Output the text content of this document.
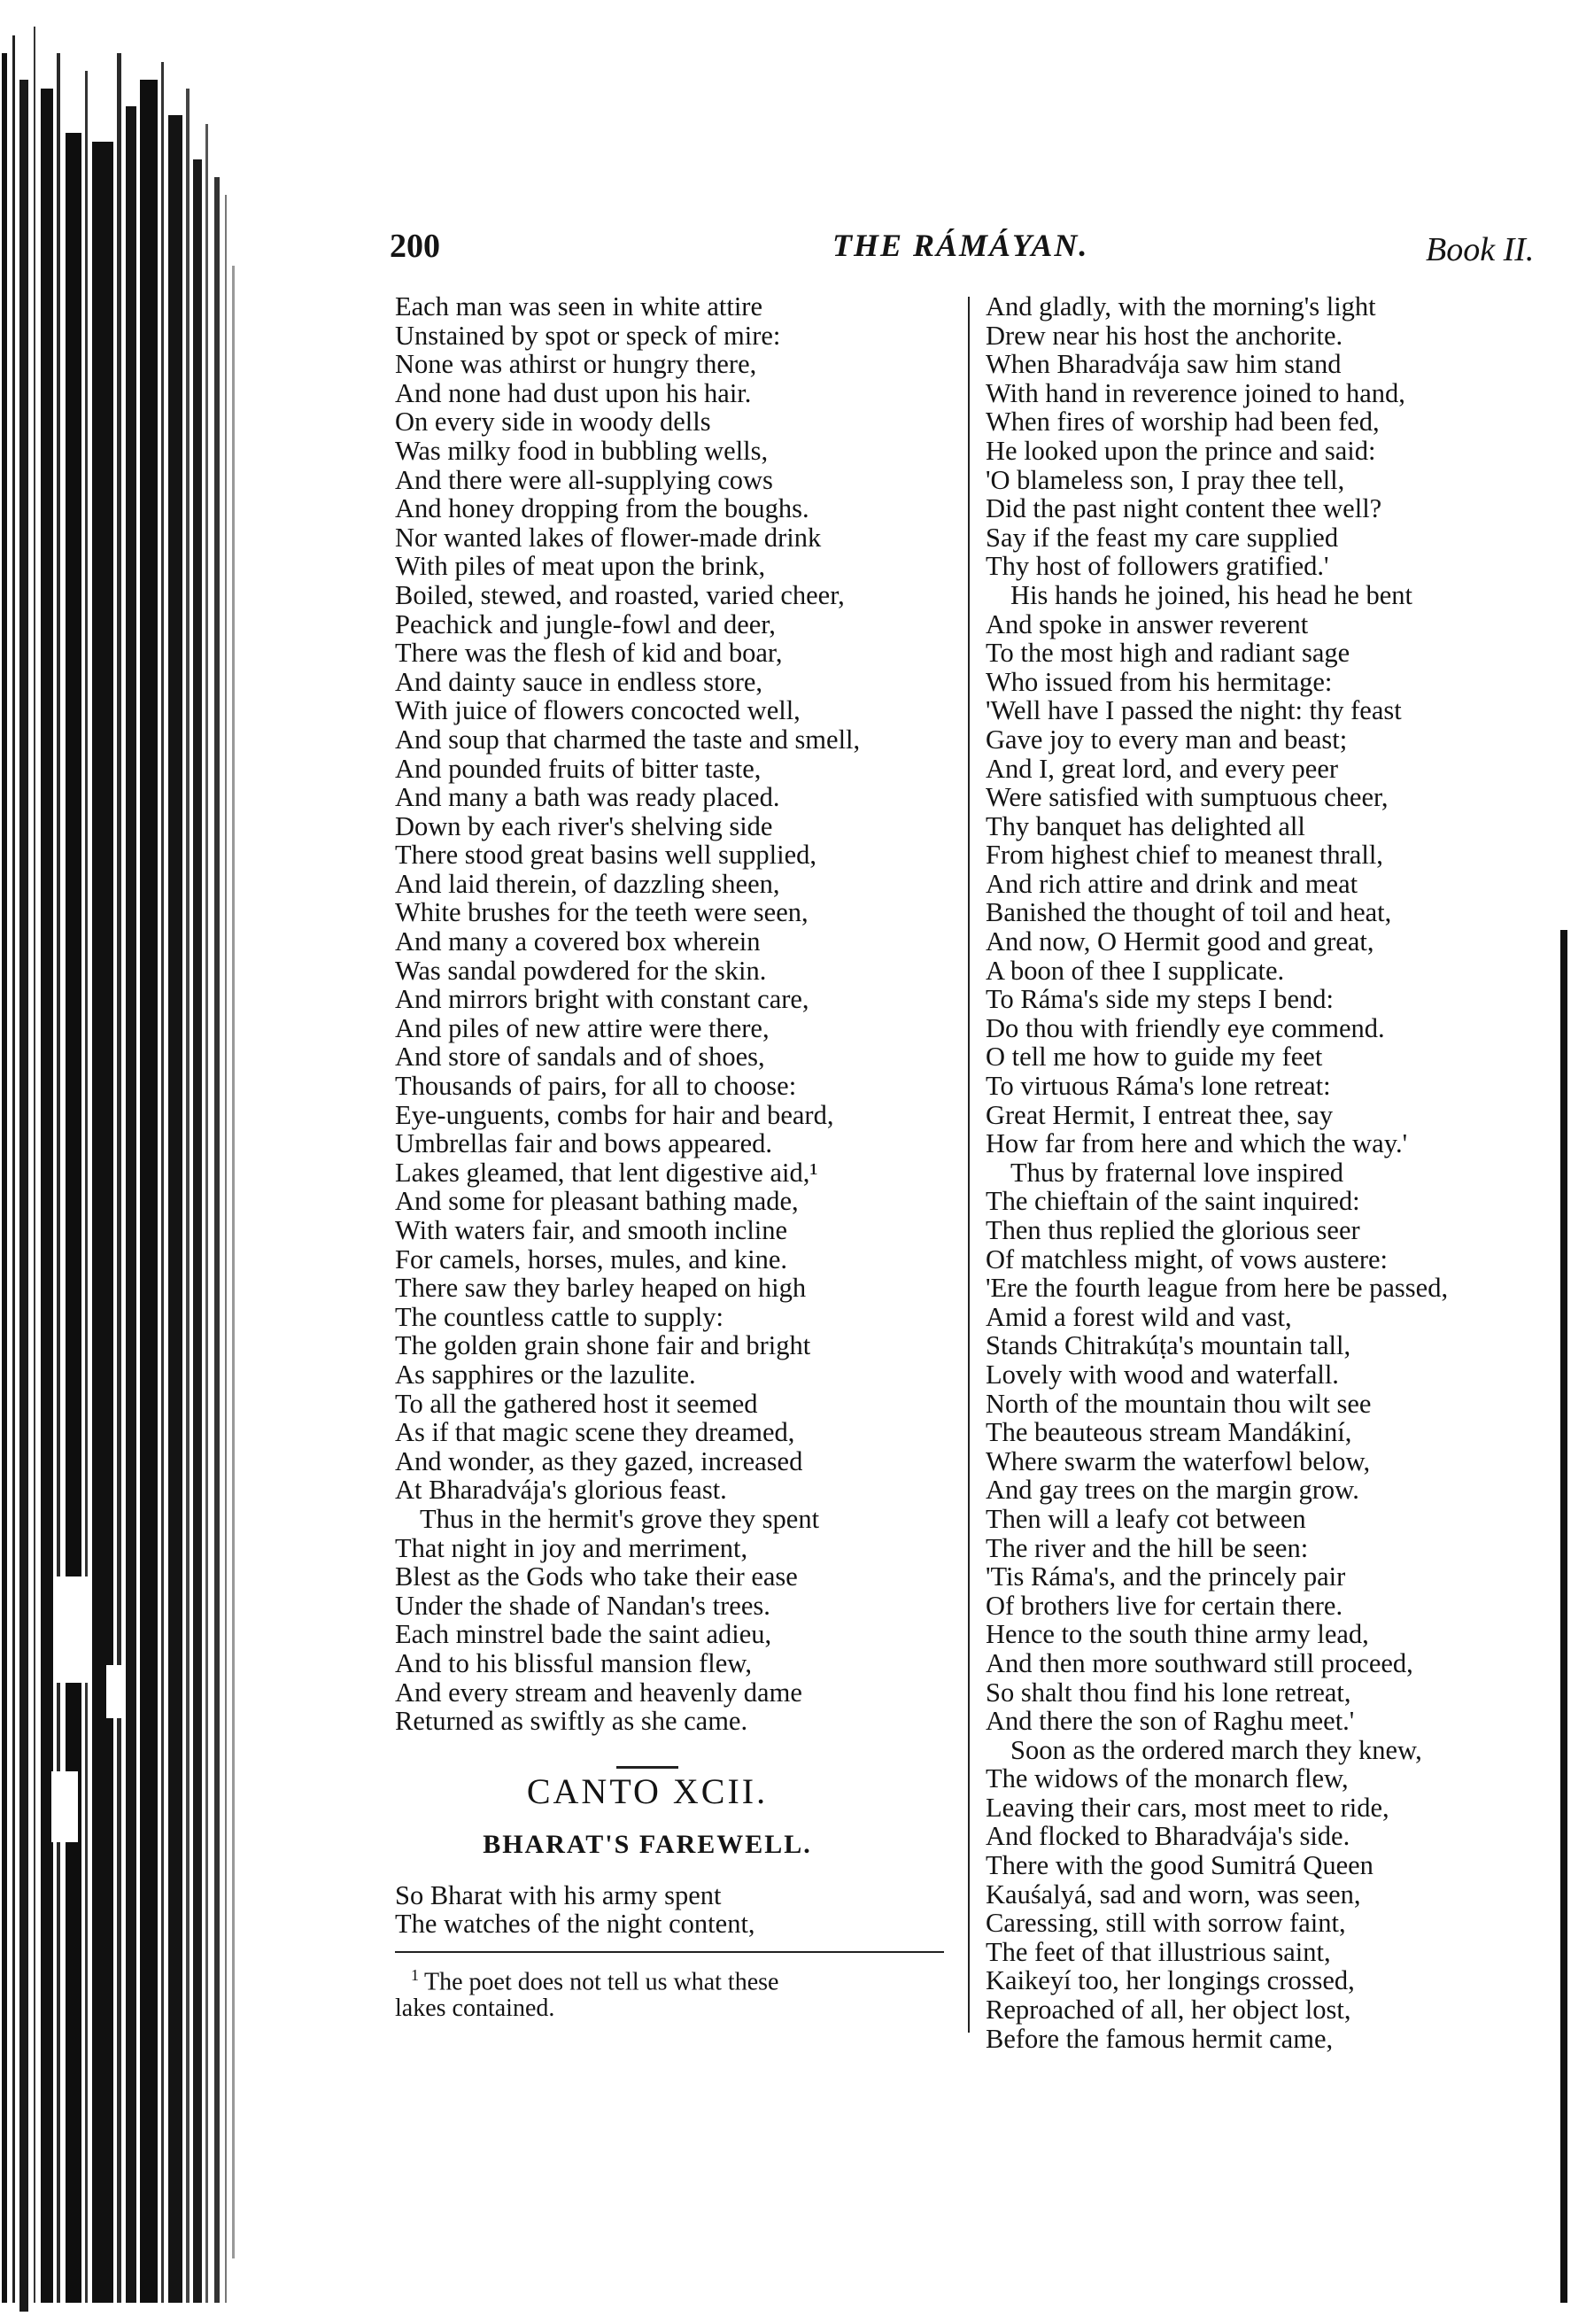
200	THE RÁMÁYAN.	Book II.
Each man was seen in white attire
Unstained by spot or speck of mire:
None was athirst or hungry there,
And none had dust upon his hair.
On every side in woody dells
Was milky food in bubbling wells,
And there were all-supplying cows
And honey dropping from the boughs.
Nor wanted lakes of flower-made drink
With piles of meat upon the brink,
Boiled, stewed, and roasted, varied cheer,
Peachick and jungle-fowl and deer,
There was the flesh of kid and boar,
And dainty sauce in endless store,
With juice of flowers concocted well,
And soup that charmed the taste and smell,
And pounded fruits of bitter taste,
And many a bath was ready placed.
Down by each river's shelving side
There stood great basins well supplied,
And laid therein, of dazzling sheen,
White brushes for the teeth were seen,
And many a covered box wherein
Was sandal powdered for the skin.
And mirrors bright with constant care,
And piles of new attire were there,
And store of sandals and of shoes,
Thousands of pairs, for all to choose:
Eye-unguents, combs for hair and beard,
Umbrellas fair and bows appeared.
Lakes gleamed, that lent digestive aid,¹
And some for pleasant bathing made,
With waters fair, and smooth incline
For camels, horses, mules, and kine.
There saw they barley heaped on high
The countless cattle to supply:
The golden grain shone fair and bright
As sapphires or the lazulite.
To all the gathered host it seemed
As if that magic scene they dreamed,
And wonder, as they gazed, increased
At Bharadvája's glorious feast.
Thus in the hermit's grove they spent
That night in joy and merriment,
Blest as the Gods who take their ease
Under the shade of Nandan's trees.
Each minstrel bade the saint adieu,
And to his blissful mansion flew,
And every stream and heavenly dame
Returned as swiftly as she came.
CANTO XCII.
BHARAT'S FAREWELL.
So Bharat with his army spent
The watches of the night content,
$^1$ The poet does not tell us what these
lakes contained.
And gladly, with the morning's light
Drew near his host the anchorite.
When Bharadvája saw him stand
With hand in reverence joined to hand,
When fires of worship had been fed,
He looked upon the prince and said:
'O blameless son, I pray thee tell,
Did the past night content thee well?
Say if the feast my care supplied
Thy host of followers gratified.'
His hands he joined, his head he bent
And spoke in answer reverent
To the most high and radiant sage
Who issued from his hermitage:
'Well have I passed the night: thy feast
Gave joy to every man and beast;
And I, great lord, and every peer
Were satisfied with sumptuous cheer,
Thy banquet has delighted all
From highest chief to meanest thrall,
And rich attire and drink and meat
Banished the thought of toil and heat,
And now, O Hermit good and great,
A boon of thee I supplicate.
To Ráma's side my steps I bend:
Do thou with friendly eye commend.
O tell me how to guide my feet
To virtuous Ráma's lone retreat:
Great Hermit, I entreat thee, say
How far from here and which the way.'
Thus by fraternal love inspired
The chieftain of the saint inquired:
Then thus replied the glorious seer
Of matchless might, of vows austere:
'Ere the fourth league from here be passed,
Amid a forest wild and vast,
Stands Chitrakúṭa's mountain tall,
Lovely with wood and waterfall.
North of the mountain thou wilt see
The beauteous stream Mandákiní,
Where swarm the waterfowl below,
And gay trees on the margin grow.
Then will a leafy cot between
The river and the hill be seen:
'Tis Ráma's, and the princely pair
Of brothers live for certain there.
Hence to the south thine army lead,
And then more southward still proceed,
So shalt thou find his lone retreat,
And there the son of Raghu meet.'
Soon as the ordered march they knew,
The widows of the monarch flew,
Leaving their cars, most meet to ride,
And flocked to Bharadvája's side.
There with the good Sumitrá Queen
Kauśalyá, sad and worn, was seen,
Caressing, still with sorrow faint,
The feet of that illustrious saint,
Kaikeyí too, her longings crossed,
Reproached of all, her object lost,
Before the famous hermit came,
